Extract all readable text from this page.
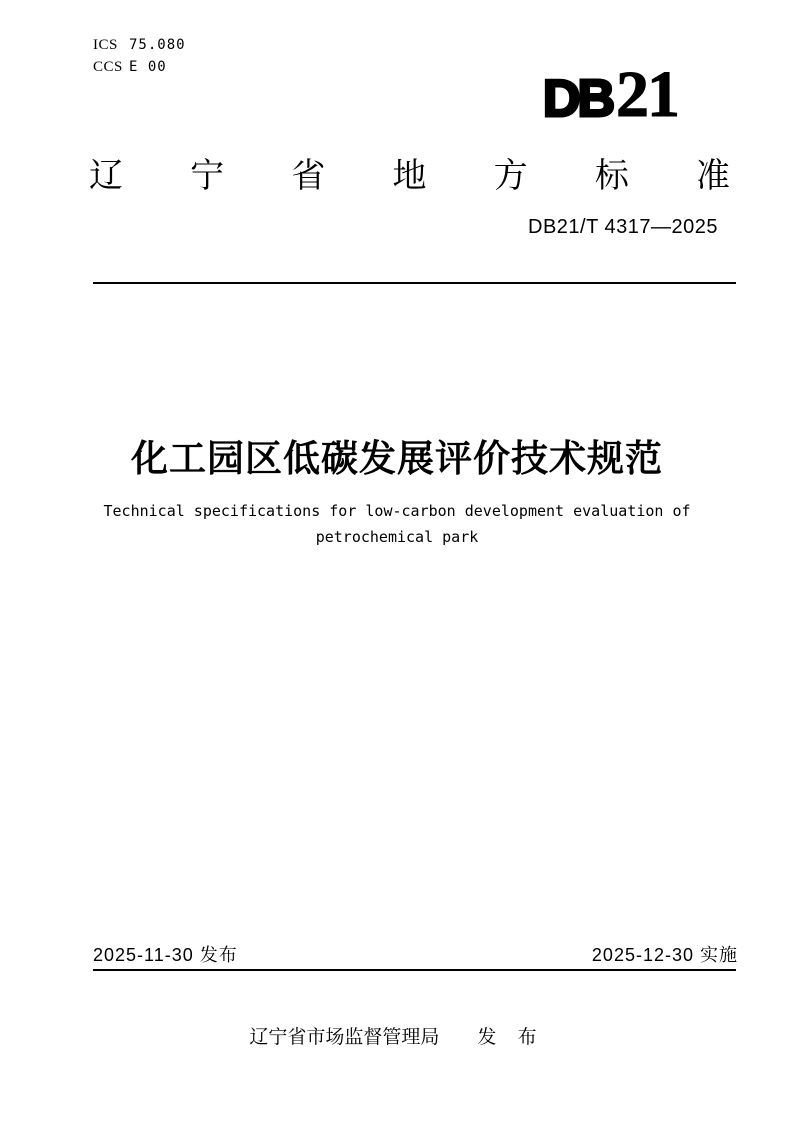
ICS 75.080
CCS E 00
DB 21
辽宁省地方标准
DB21/T 4317—2025
化工园区低碳发展评价技术规范
Technical specifications for low-carbon development evaluation of petrochemical park
2025-11-30 发布	2025-12-30 实施
辽宁省市场监督管理局 发 布
